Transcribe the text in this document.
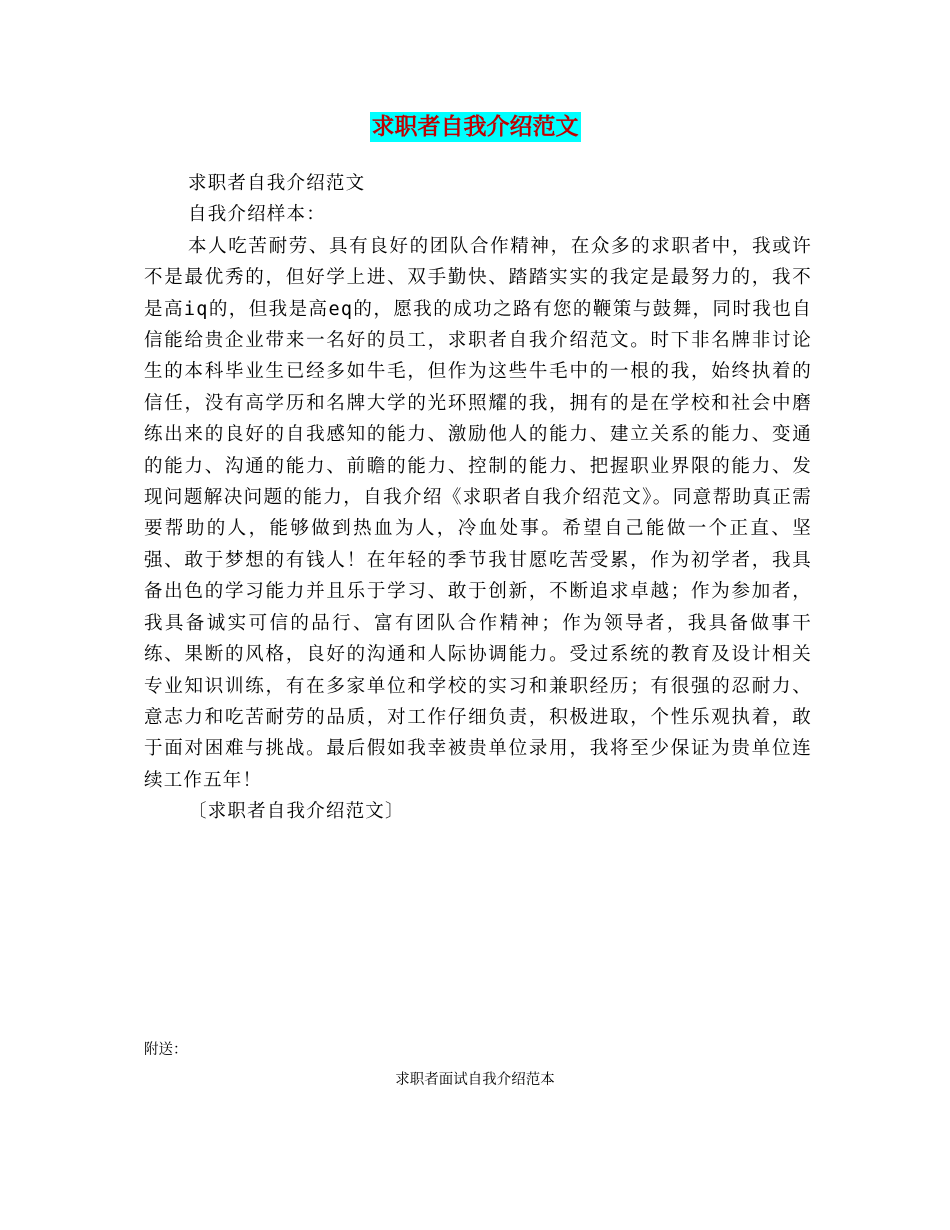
求职者自我介绍范文

求职者自我介绍范文

自我介绍样本：

本人吃苦耐劳、具有良好的团队合作精神，在众多的求职者中，我或许不是最优秀的，但好学上进、双手勤快、踏踏实实的我定是最努力的，我不是高iq的，但我是高eq的，愿我的成功之路有您的鞭策与鼓舞，同时我也自信能给贵企业带来一名好的员工，求职者自我介绍范文。时下非名牌非讨论生的本科毕业生已经多如牛毛，但作为这些牛毛中的一根的我，始终执着的信任，没有高学历和名牌大学的光环照耀的我，拥有的是在学校和社会中磨练出来的良好的自我感知的能力、激励他人的能力、建立关系的能力、变通的能力、沟通的能力、前瞻的能力、控制的能力、把握职业界限的能力、发现问题解决问题的能力，自我介绍《求职者自我介绍范文》。同意帮助真正需要帮助的人，能够做到热血为人，冷血处事。希望自己能做一个正直、坚强、敢于梦想的有钱人！在年轻的季节我甘愿吃苦受累，作为初学者，我具备出色的学习能力并且乐于学习、敢于创新，不断追求卓越；作为参加者，我具备诚实可信的品行、富有团队合作精神；作为领导者，我具备做事干练、果断的风格，良好的沟通和人际协调能力。受过系统的教育及设计相关专业知识训练，有在多家单位和学校的实习和兼职经历；有很强的忍耐力、意志力和吃苦耐劳的品质，对工作仔细负责，积极进取，个性乐观执着，敢于面对困难与挑战。最后假如我幸被贵单位录用，我将至少保证为贵单位连续工作五年！

〔求职者自我介绍范文〕

附送：
求职者面试自我介绍范本
